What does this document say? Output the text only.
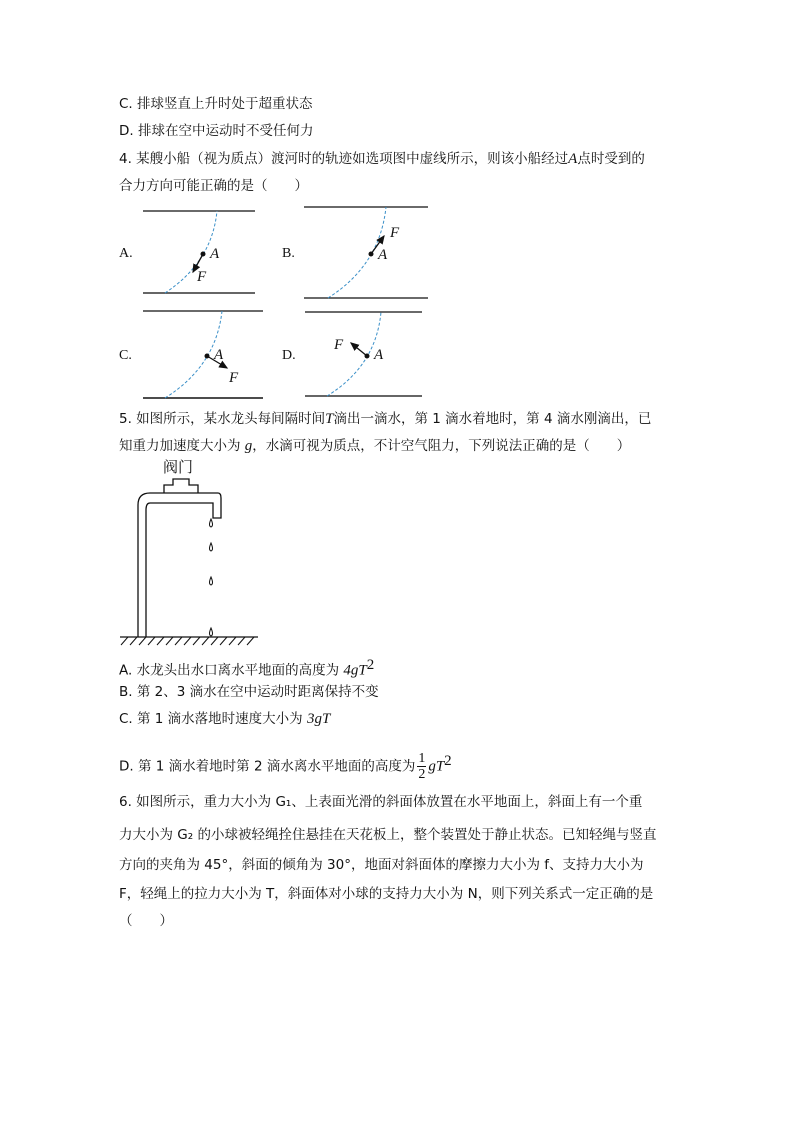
C. 排球竖直上升时处于超重状态
D. 排球在空中运动时不受任何力
4. 某艘小船（视为质点）渡河时的轨迹如选项图中虚线所示，则该小船经过A点时受到的
合力方向可能正确的是（　　）
A.	B.
C.	D.
A
F
A
F
A
F
A
F
5. 如图所示，某水龙头每间隔时间T滴出一滴水，第 1 滴水着地时，第 4 滴水刚滴出，已
知重力加速度大小为 g，水滴可视为质点，不计空气阻力，下列说法正确的是（　　）
阀门
A. 水龙头出水口离水平地面的高度为 $4gT^2$
B. 第 2、3 滴水在空中运动时距离保持不变
C. 第 1 滴水落地时速度大小为 3gT
D. 第 1 滴水着地时第 2 滴水离水平地面的高度为 $\frac{1}{2} gT^2$
6. 如图所示，重力大小为 G₁、上表面光滑的斜面体放置在水平地面上，斜面上有一个重
力大小为 G₂ 的小球被轻绳拴住悬挂在天花板上，整个装置处于静止状态。已知轻绳与竖直
方向的夹角为 45°，斜面的倾角为 30°，地面对斜面体的摩擦力大小为 f、支持力大小为
F，轻绳上的拉力大小为 T，斜面体对小球的支持力大小为 N，则下列关系式一定正确的是
（　　）
